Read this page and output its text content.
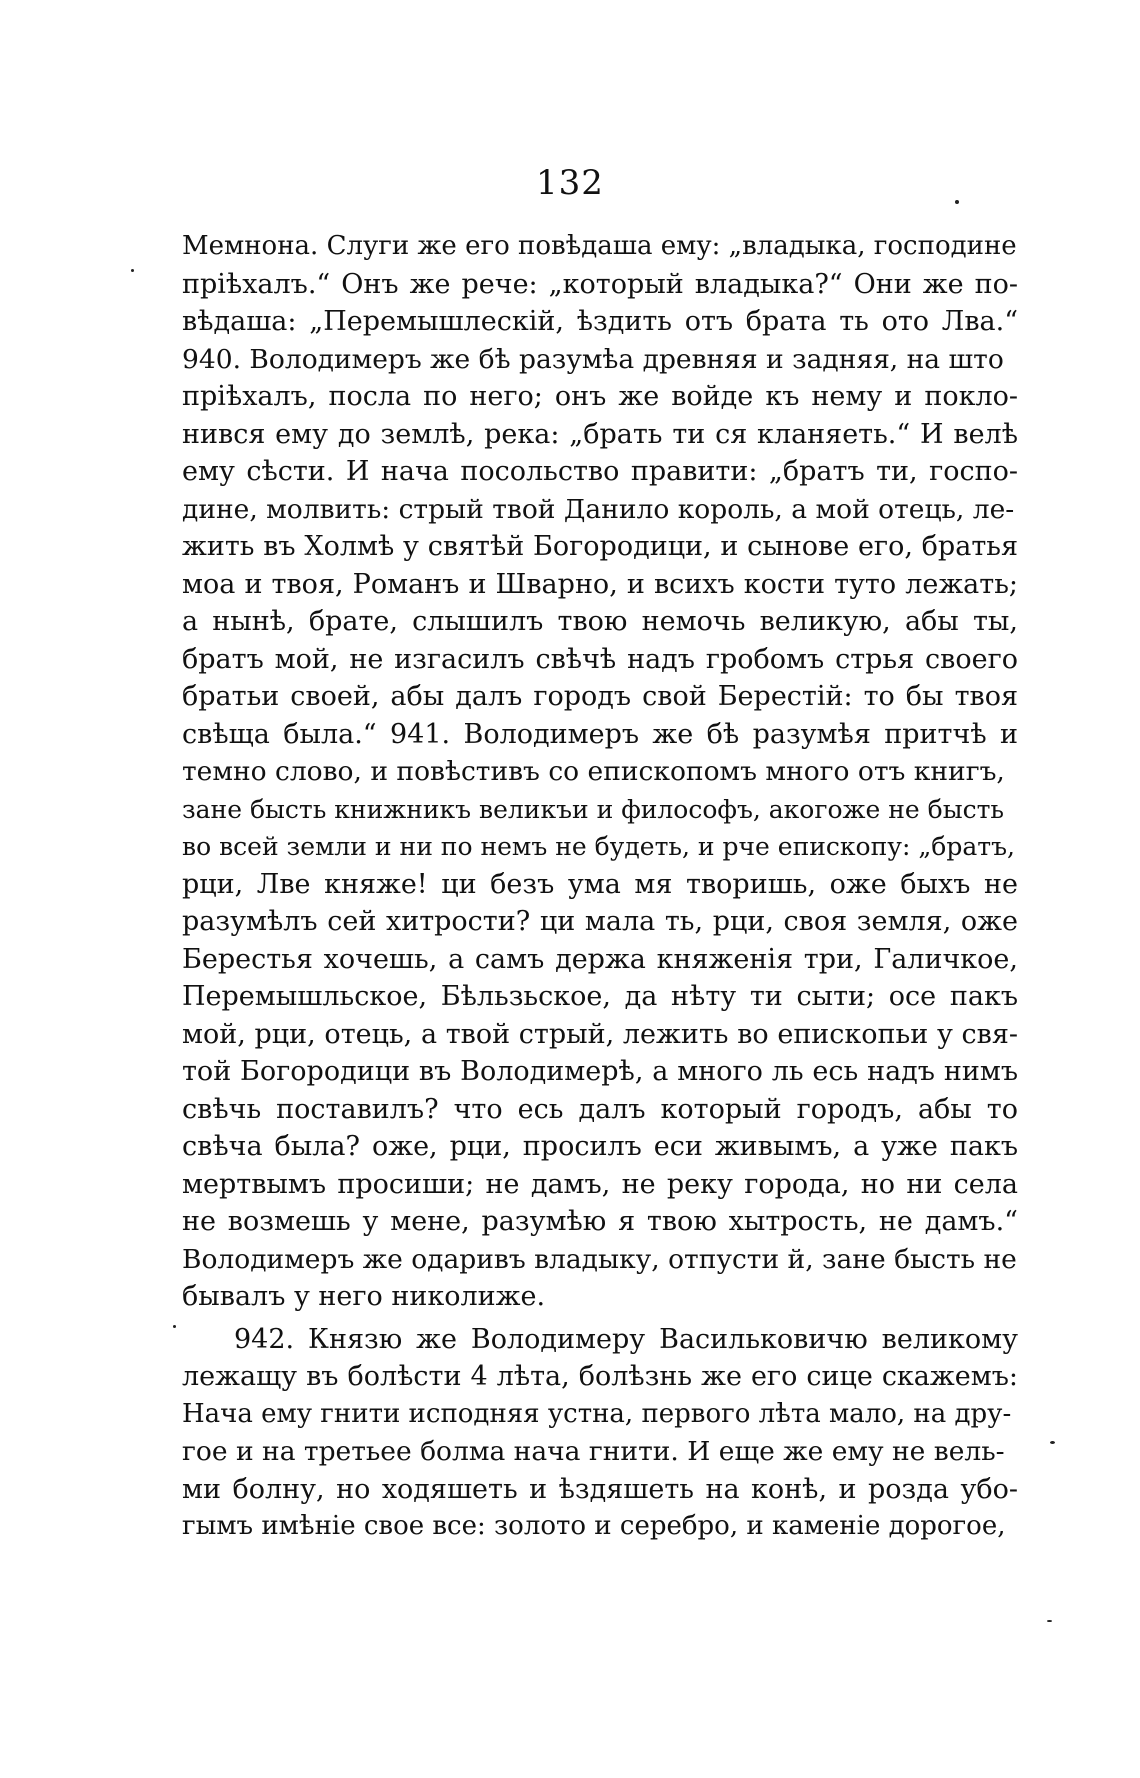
132
Мемнона. Слуги же его повѣдаша ему: „владыка, господине
пріѣхалъ.“ Онъ же рече: „который владыка?“ Они же по-
вѣдаша: „Перемышлескій, ѣздить отъ брата ть ото Лва.“
940. Володимеръ же бѣ разумѣа древняя и задняя, на што
пріѣхалъ, посла по него; онъ же войде къ нему и покло-
нився ему до землѣ, река: „брать ти ся кланяеть.“ И велѣ
ему сѣсти. И нача посольство правити: „братъ ти, госпо-
дине, молвить: стрый твой Данило король, а мой отець, ле-
жить въ Холмѣ у святѣй Богородици, и сынове его, братья
моа и твоя, Романъ и Шварно, и всихъ кости туто лежать;
а нынѣ, брате, слышилъ твою немочь великую, абы ты,
братъ мой, не изгасилъ свѣчѣ надъ гробомъ стрья своего
братьи своей, абы далъ городъ свой Берестій: то бы твоя
свѣща была.“ 941. Володимеръ же бѣ разумѣя притчѣ и
темно слово, и повѣстивъ со епископомъ много отъ книгъ,
зане бысть книжникъ великъи и философъ, акогоже не бысть
во всей земли и ни по немъ не будеть, и рче епископу: „братъ,
рци, Лве княже! ци безъ ума мя творишь, оже быхъ не
разумѣлъ сей хитрости? ци мала ть, рци, своя земля, оже
Берестья хочешь, а самъ держа княженія три, Галичкое,
Перемышльское, Бѣльзьское, да нѣту ти сыти; осе пакъ
мой, рци, отець, а твой стрый, лежить во епископьи у свя-
той Богородици въ Володимерѣ, а много ль есь надъ нимъ
свѣчь поставилъ? что есь далъ который городъ, абы то
свѣча была? оже, рци, просилъ еси живымъ, а уже пакъ
мертвымъ просиши; не дамъ, не реку города, но ни села
не возмешь у мене, разумѣю я твою хытрость, не дамъ.“
Володимеръ же одаривъ владыку, отпусти й, зане бысть не
бывалъ у него николиже.
942. Князю же Володимеру Васильковичю великому
лежащу въ болѣсти 4 лѣта, болѣзнь же его сице скажемъ:
Нача ему гнити исподняя устна, первого лѣта мало, на дру-
гое и на третьее болма нача гнити. И еще же ему не вель-
ми болну, но ходяшеть и ѣздяшеть на конѣ, и розда убо-
гымъ имѣніе свое все: золото и серебро, и каменіе дорогое,
